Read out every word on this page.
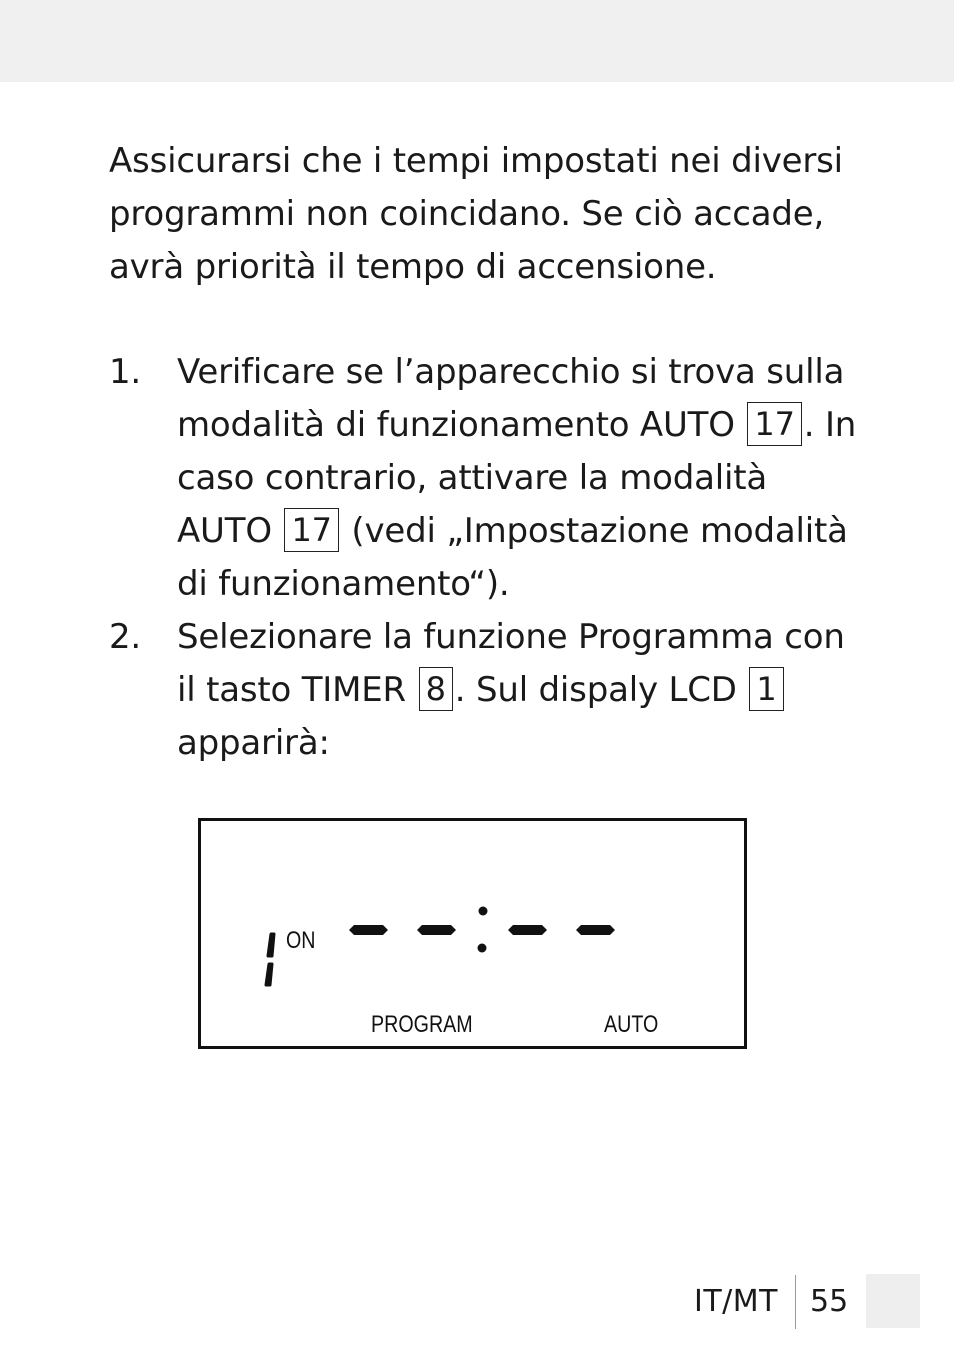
Assicurarsi che i tempi impostati nei diversi programmi non coincidano. Se ciò accade, avrà priorità il tempo di accensione.

1. Verificare se l’apparecchio si trova sulla modalità di funzionamento AUTO 17 . In caso contrario, attivare la modalità AUTO 17 (vedi „Impostazione modalità di funzionamento“).
2. Selezionare la funzione Programma con il tasto TIMER 8 . Sul dispaly LCD 1 apparirà:
ON
PROGRAM	AUTO
IT/MT 55
